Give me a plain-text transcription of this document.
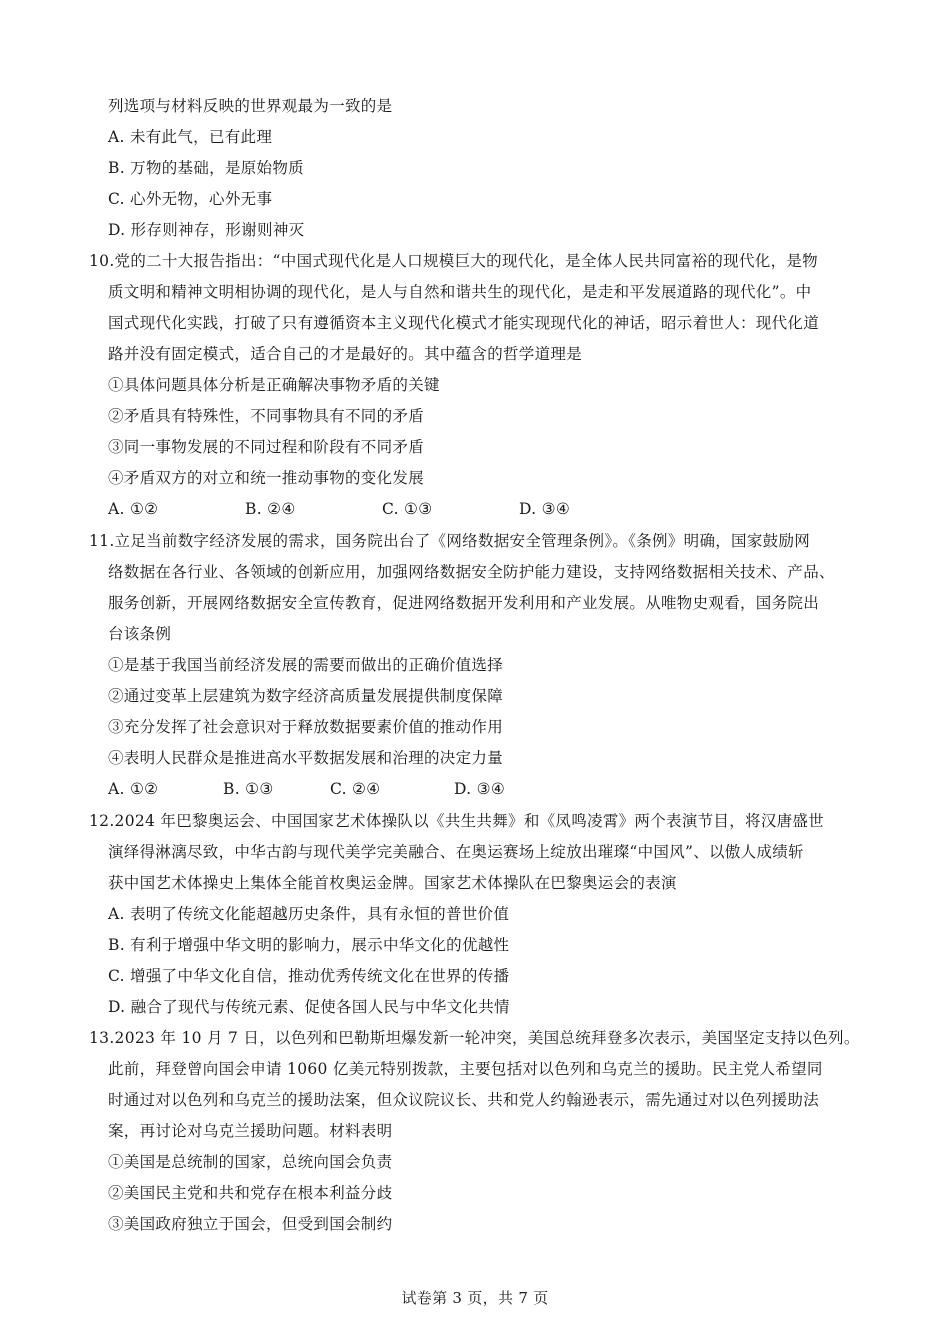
列选项与材料反映的世界观最为一致的是
A. 未有此气，已有此理
B. 万物的基础，是原始物质
C. 心外无物，心外无事
D. 形存则神存，形谢则神灭
10.党的二十大报告指出：“中国式现代化是人口规模巨大的现代化，是全体人民共同富裕的现代化，是物
质文明和精神文明相协调的现代化，是人与自然和谐共生的现代化，是走和平发展道路的现代化”。中
国式现代化实践，打破了只有遵循资本主义现代化模式才能实现现代化的神话，昭示着世人：现代化道
路并没有固定模式，适合自己的才是最好的。其中蕴含的哲学道理是
①具体问题具体分析是正确解决事物矛盾的关键
②矛盾具有特殊性，不同事物具有不同的矛盾
③同一事物发展的不同过程和阶段有不同矛盾
④矛盾双方的对立和统一推动事物的变化发展
A. ①②	B. ②④	C. ①③	D. ③④
11.立足当前数字经济发展的需求，国务院出台了《网络数据安全管理条例》。《条例》明确，国家鼓励网
络数据在各行业、各领域的创新应用，加强网络数据安全防护能力建设，支持网络数据相关技术、产品、
服务创新，开展网络数据安全宣传教育，促进网络数据开发利用和产业发展。从唯物史观看，国务院出
台该条例
①是基于我国当前经济发展的需要而做出的正确价值选择
②通过变革上层建筑为数字经济高质量发展提供制度保障
③充分发挥了社会意识对于释放数据要素价值的推动作用
④表明人民群众是推进高水平数据发展和治理的决定力量
A. ①②	B. ①③	C. ②④	D. ③④
12.2024 年巴黎奥运会、中国国家艺术体操队以《共生共舞》和《凤鸣凌霄》两个表演节目，将汉唐盛世
演绎得淋漓尽致，中华古韵与现代美学完美融合、在奥运赛场上绽放出璀璨“中国风”、以傲人成绩斩
获中国艺术体操史上集体全能首枚奥运金牌。国家艺术体操队在巴黎奥运会的表演
A. 表明了传统文化能超越历史条件，具有永恒的普世价值
B. 有利于增强中华文明的影响力，展示中华文化的优越性
C. 增强了中华文化自信，推动优秀传统文化在世界的传播
D. 融合了现代与传统元素、促使各国人民与中华文化共情
13.2023 年 10 月 7 日，以色列和巴勒斯坦爆发新一轮冲突，美国总统拜登多次表示，美国坚定支持以色列。
此前，拜登曾向国会申请 1060 亿美元特别拨款，主要包括对以色列和乌克兰的援助。民主党人希望同
时通过对以色列和乌克兰的援助法案，但众议院议长、共和党人约翰逊表示，需先通过对以色列援助法
案，再讨论对乌克兰援助问题。材料表明
①美国是总统制的国家，总统向国会负责
②美国民主党和共和党存在根本利益分歧
③美国政府独立于国会，但受到国会制约
试卷第 3 页，共 7 页
